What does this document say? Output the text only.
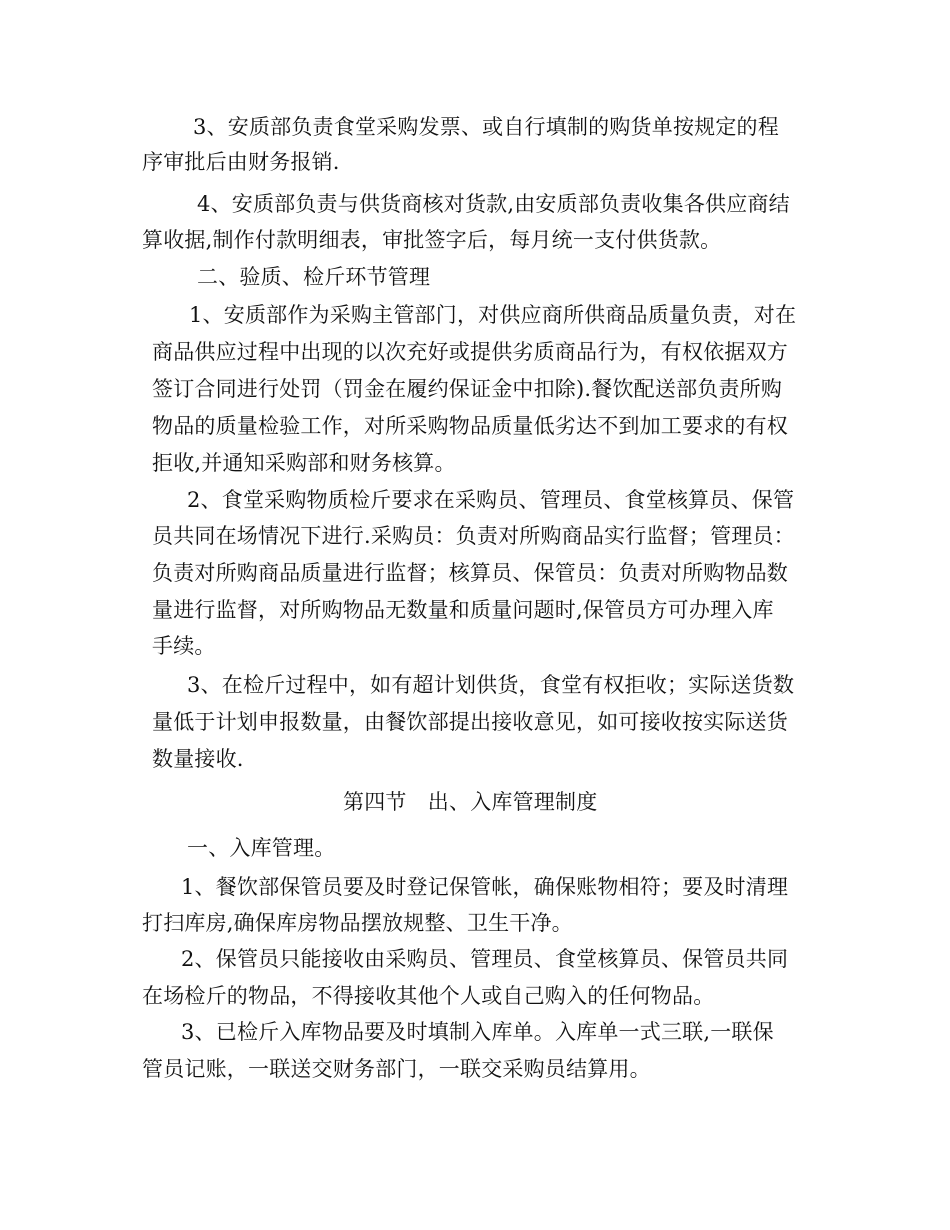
3、安质部负责食堂采购发票、或自行填制的购货单按规定的程
序审批后由财务报销.
4、安质部负责与供货商核对货款,由安质部负责收集各供应商结
算收据,制作付款明细表，审批签字后，每月统一支付供货款。
二、验质、检斤环节管理
1、安质部作为采购主管部门，对供应商所供商品质量负责，对在
商品供应过程中出现的以次充好或提供劣质商品行为，有权依据双方
签订合同进行处罚（罚金在履约保证金中扣除).餐饮配送部负责所购
物品的质量检验工作，对所采购物品质量低劣达不到加工要求的有权
拒收,并通知采购部和财务核算。
2、食堂采购物质检斤要求在采购员、管理员、食堂核算员、保管
员共同在场情况下进行.采购员：负责对所购商品实行监督；管理员：
负责对所购商品质量进行监督；核算员、保管员：负责对所购物品数
量进行监督，对所购物品无数量和质量问题时,保管员方可办理入库
手续。
3、在检斤过程中，如有超计划供货，食堂有权拒收；实际送货数
量低于计划申报数量，由餐饮部提出接收意见，如可接收按实际送货
数量接收.
第四节　出、入库管理制度
一、入库管理。
1、餐饮部保管员要及时登记保管帐，确保账物相符；要及时清理
打扫库房,确保库房物品摆放规整、卫生干净。
2、保管员只能接收由采购员、管理员、食堂核算员、保管员共同
在场检斤的物品，不得接收其他个人或自己购入的任何物品。
3、已检斤入库物品要及时填制入库单。入库单一式三联,一联保
管员记账，一联送交财务部门，一联交采购员结算用。
